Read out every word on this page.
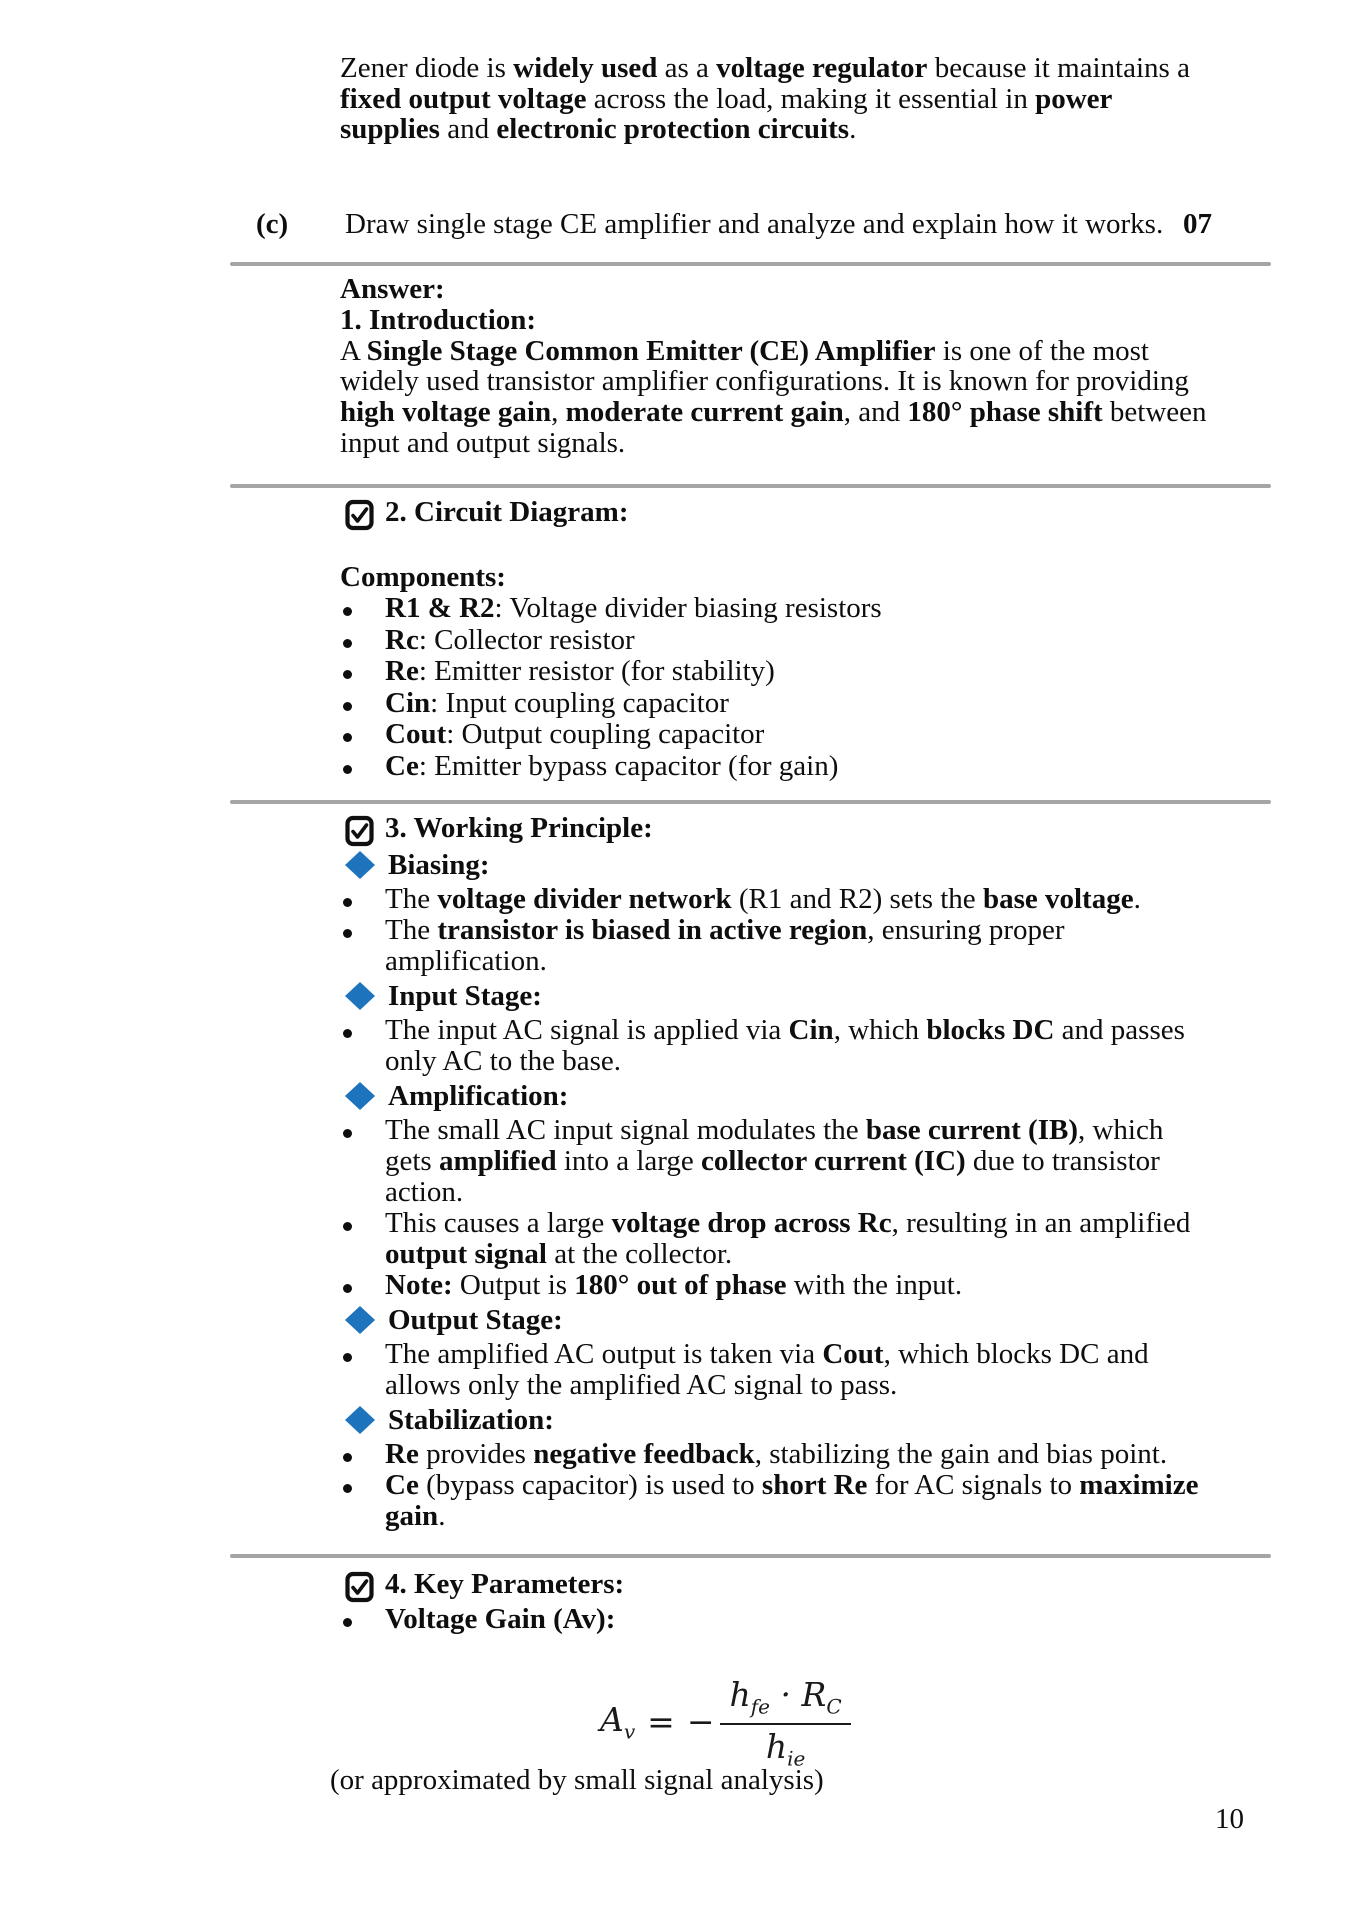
Zener diode is widely used as a voltage regulator because it maintains a
fixed output voltage across the load, making it essential in power
supplies and electronic protection circuits.
(c) Draw single stage CE amplifier and analyze and explain how it works. 07
Answer:
1. Introduction:
A Single Stage Common Emitter (CE) Amplifier is one of the most
widely used transistor amplifier configurations. It is known for providing
high voltage gain, moderate current gain, and 180° phase shift between
input and output signals.
2. Circuit Diagram:
Components:
R1 & R2: Voltage divider biasing resistors
Rc: Collector resistor
Re: Emitter resistor (for stability)
Cin: Input coupling capacitor
Cout: Output coupling capacitor
Ce: Emitter bypass capacitor (for gain)
3. Working Principle:
Biasing:
The voltage divider network (R1 and R2) sets the base voltage.
The transistor is biased in active region, ensuring proper
amplification.
Input Stage:
The input AC signal is applied via Cin, which blocks DC and passes
only AC to the base.
Amplification:
The small AC input signal modulates the base current (IB), which
gets amplified into a large collector current (IC) due to transistor
action.
This causes a large voltage drop across Rc, resulting in an amplified
output signal at the collector.
Note: Output is 180° out of phase with the input.
Output Stage:
The amplified AC output is taken via Cout, which blocks DC and
allows only the amplified AC signal to pass.
Stabilization:
Re provides negative feedback, stabilizing the gain and bias point.
Ce (bypass capacitor) is used to short Re for AC signals to maximize
gain.
4. Key Parameters:
Voltage Gain (Av):
$A_v$ = − $\frac{h_{fe} \cdot R_C}{h_{ie}}$
(or approximated by small signal analysis)
10
